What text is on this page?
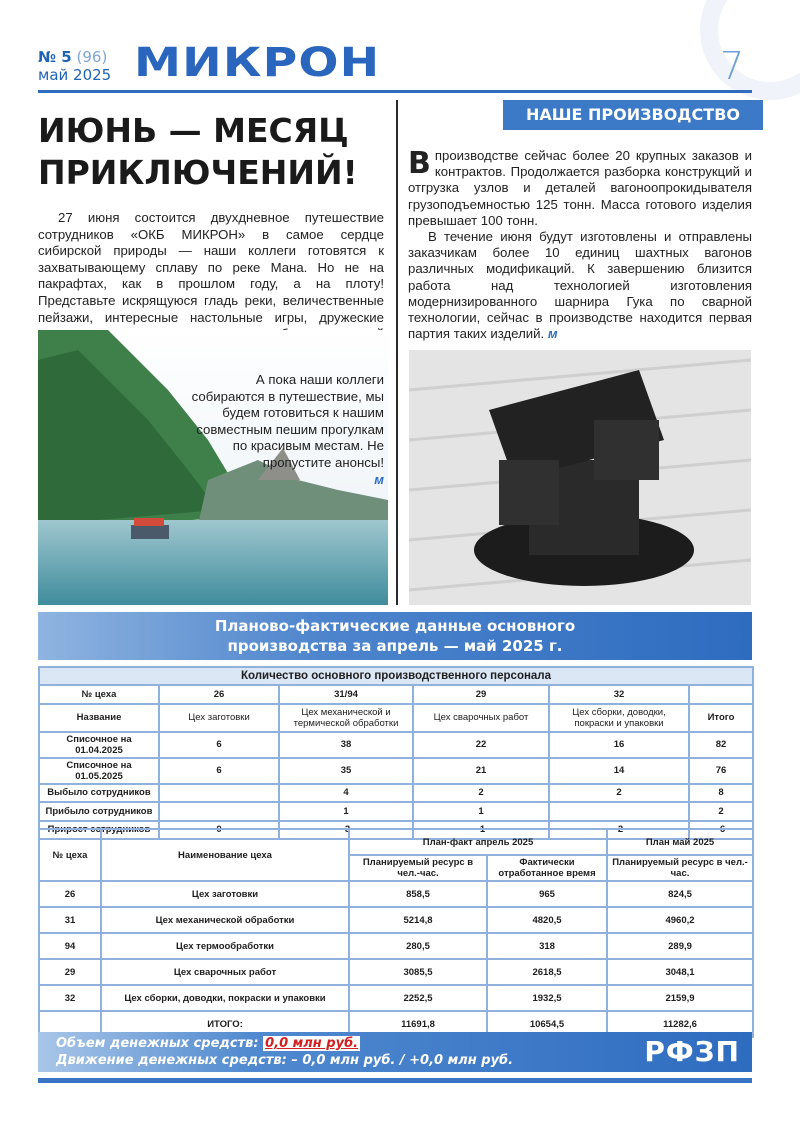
№ 5 (96)
май 2025 МИКРОН	7
ИЮНЬ — МЕСЯЦ
ПРИКЛЮЧЕНИЙ!
27 июня состоится двухдневное путешествие сотрудников «ОКБ МИКРОН» в самое сердце сибирской природы — наши коллеги готовятся к захватывающему сплаву по реке Мана. Но не на пакрафтах, как в прошлом году, а на плоту! Представьте искрящуюся гладь реки, величественные пейзажи, интересные настольные игры, дружеские
А пока наши коллеги собираются в путешествие, мы будем готовиться к нашим совместным пешим прогулкам по красивым местам. Не пропустите анонсы!
м
НАШЕ ПРОИЗВОДСТВО

Впроизводстве сейчас более 20 крупных заказов и контрактов. Продолжается разборка конструкций и отгрузка узлов и деталей вагоноопрокидывателя грузоподъемностью 125 тонн. Масса готового изделия превышает 100 тонн.

В течение июня будут изготовлены и отправлены заказчикам более 10 единиц шахтных вагонов различных модификаций. К завершению близится работа над технологией изготовления модернизированного шарнира Гука по сварной технологии, сейчас в производстве находится первая партия таких изделий. м

Планово-фактические данные основного
производства за апрель — май 2025 г.
Количество основного производственного персонала					
№ цеха	26	31/94	29	32	
Название	Цех заготовки	Цех механической и термической обработки	Цех сварочных работ	Цех сборки, доводки, покраски и упаковки	Итого
Списочное на 01.04.2025	6	38	22	16	82
Списочное на 01.05.2025	6	35	21	14	76
Выбыло сотрудников		4	2	2	8
Прибыло сотрудников		1	1		2
Прирост сотрудников	0	-3	-1	-2	-6
№ цеха	Наименование цеха	План-факт апрель 2025		План май 2025
		Планируемый ресурс в чел.-час.	Фактически отработанное время	Планируемый ресурс в чел.-час.
26	Цех заготовки	858,5	965	824,5
31	Цех механической обработки	5214,8	4820,5	4960,2
94	Цех термообработки	280,5	318	289,9
29	Цех сварочных работ	3085,5	2618,5	3048,1
32	Цех сборки, доводки, покраски и упаковки	2252,5	1932,5	2159,9
	ИТОГО:	11691,8	10654,5	11282,6
Объем денежных средств: 0,0 млн руб.
Движение денежных средств: – 0,0 млн руб. / +0,0 млн руб.	РФЗП
